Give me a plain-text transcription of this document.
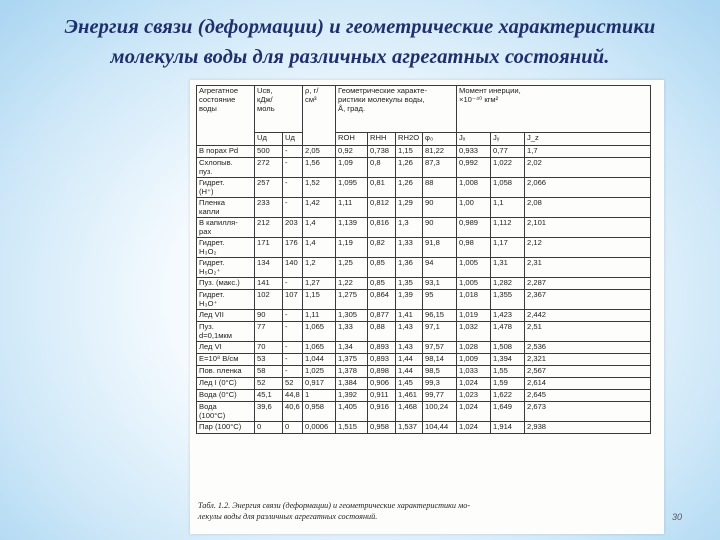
Энергия связи (деформации) и геометрические характеристики
молекулы воды для различных агрегатных состояний.
Агрегатное
состояние
воды	Uсв,
кДж/
моль		ρ, г/
см³	Геометрические характе-
ристики молекулы воды,
Å, град.				Момент инерции,
×10⁻⁴⁰ кгм²		
	Uд	Uд		ROH	RHH	RH2O	φ₀	Jₓ	Jᵧ	J_z
В порах Pd	500	-	2,05	0,92	0,738	1,15	81,22	0,933	0,77	1,7
Схлопыв.
пуз.	272	-	1,56	1,09	0,8	1,26	87,3	0,992	1,022	2,02
Гидрет.
(H⁺)	257	-	1,52	1,095	0,81	1,26	88	1,008	1,058	2,066
Пленка
капли	233	-	1,42	1,11	0,812	1,29	90	1,00	1,1	2,08
В капилля-
рах	212	203	1,4	1,139	0,816	1,3	90	0,989	1,112	2,101
Гидрет.
H₃O₂	171	176	1,4	1,19	0,82	1,33	91,8	0,98	1,17	2,12
Гидрет.
H₅O₂⁺	134	140	1,2	1,25	0,85	1,36	94	1,005	1,31	2,31
Пуз. (макс.)	141	-	1,27	1,22	0,85	1,35	93,1	1,005	1,282	2,287
Гидрет.
H₃O⁺	102	107	1,15	1,275	0,864	1,39	95	1,018	1,355	2,367
Лед VII	90	-	1,11	1,305	0,877	1,41	96,15	1,019	1,423	2,442
Пуз.
d=0,1мкм	77	-	1,065	1,33	0,88	1,43	97,1	1,032	1,478	2,51
Лед VI	70	-	1,065	1,34	0,893	1,43	97,57	1,028	1,508	2,536
E=10⁸ В/см	53	-	1,044	1,375	0,893	1,44	98,14	1,009	1,394	2,321
Пов. пленка	58	-	1,025	1,378	0,898	1,44	98,5	1,033	1,55	2,567
Лед I (0°C)	52	52	0,917	1,384	0,906	1,45	99,3	1,024	1,59	2,614
Вода (0°C)	45,1	44,8	1	1,392	0,911	1,461	99,77	1,023	1,622	2,645
Вода
(100°C)	39,6	40,6	0,958	1,405	0,916	1,468	100,24	1,024	1,649	2,673
Пар (100°C)	0	0	0,0006	1,515	0,958	1,537	104,44	1,024	1,914	2,938
Табл. 1.2. Энергия связи (деформации) и геометрические характеристики мо-
лекулы воды для различных агрегатных состояний.	30
